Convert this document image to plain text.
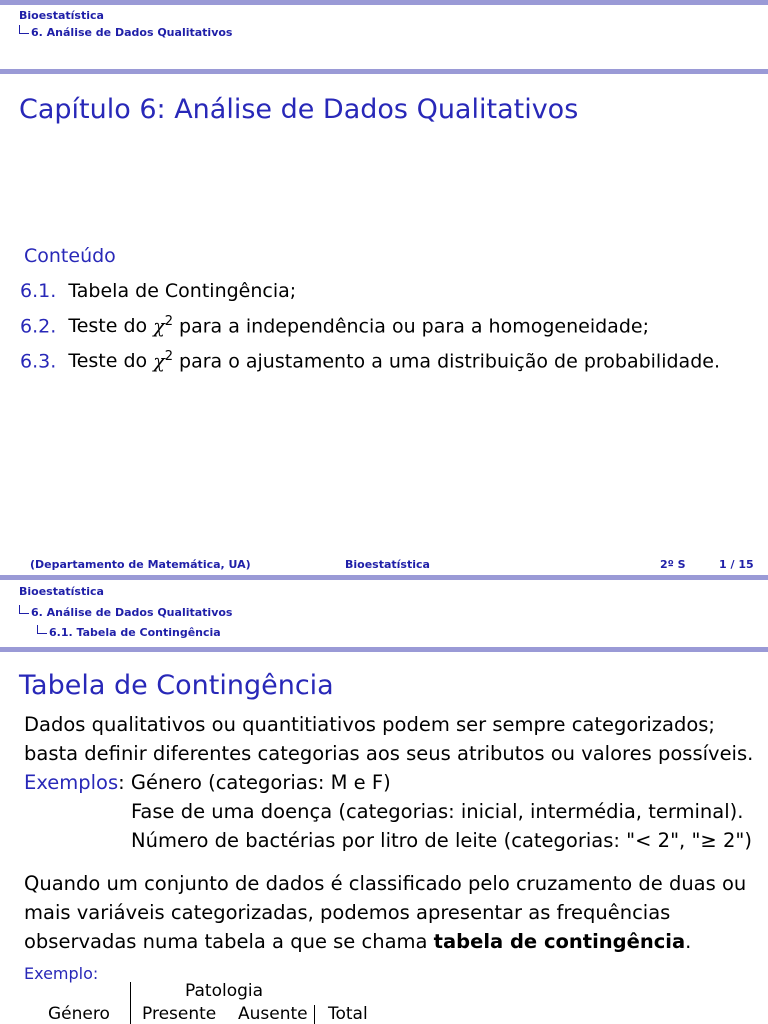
Bioestatística
6. Análise de Dados Qualitativos
Capítulo 6: Análise de Dados Qualitativos
Conteúdo
6.1. Tabela de Contingência;
6.2. Teste do $\chi^2$ para a independência ou para a homogeneidade;
6.3. Teste do $\chi^2$ para o ajustamento a uma distribuição de probabilidade.
(Departamento de Matemática, UA)	Bioestatística	2º S	1 / 15
Bioestatística
6. Análise de Dados Qualitativos
6.1. Tabela de Contingência
Tabela de Contingência
Dados qualitativos ou quantitiativos podem ser sempre categorizados;
basta definir diferentes categorias aos seus atributos ou valores possíveis.
Exemplos: Género (categorias: M e F)
Fase de uma doença (categorias: inicial, intermédia, terminal).
Número de bactérias por litro de leite (categorias: "< 2", "≥ 2")
Quando um conjunto de dados é classificado pelo cruzamento de duas ou
mais variáveis categorizadas, podemos apresentar as frequências
observadas numa tabela a que se chama tabela de contingência.
Exemplo:
Patologia
Género Presente Ausente Total
